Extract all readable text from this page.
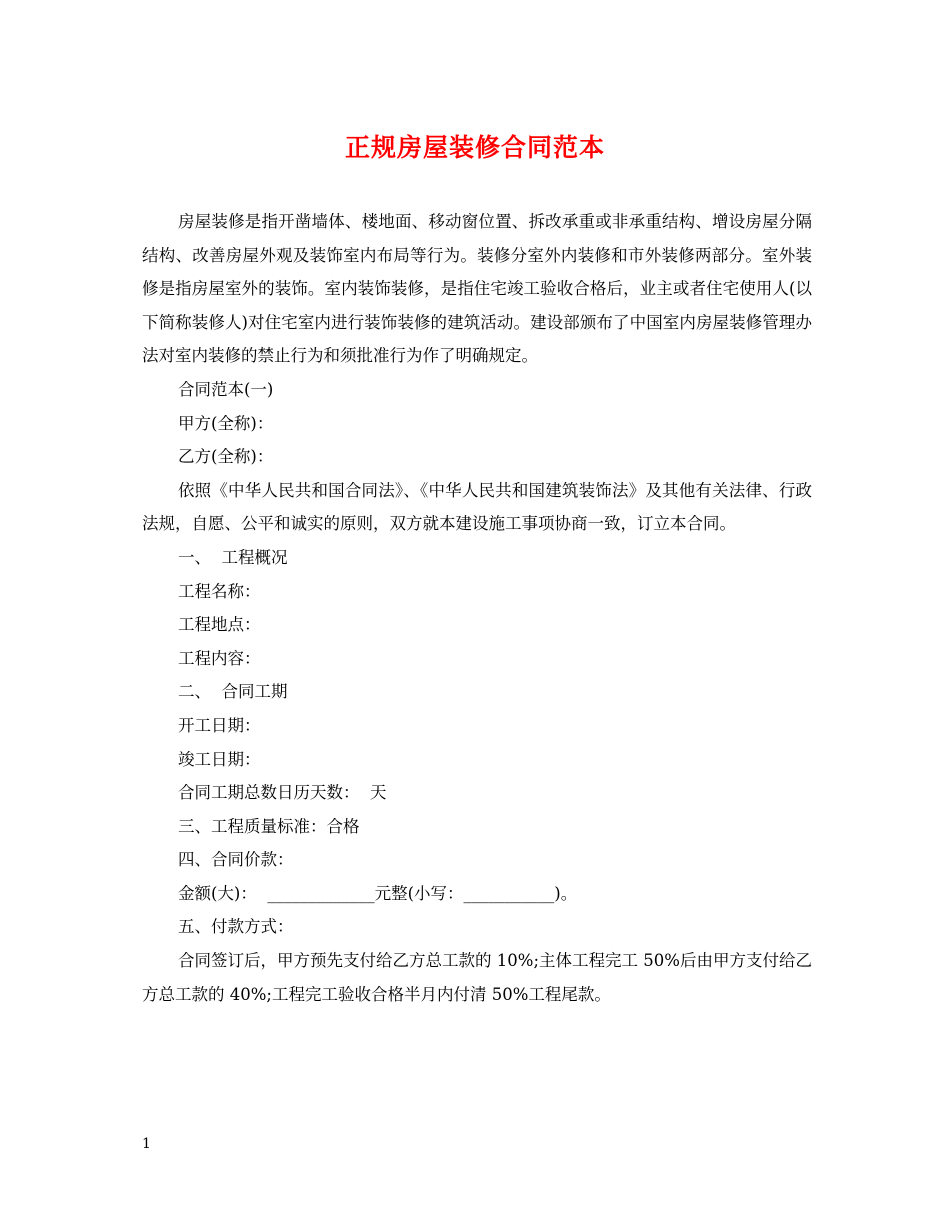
正规房屋装修合同范本

房屋装修是指开凿墙体、楼地面、移动窗位置、拆改承重或非承重结构、增设房屋分隔结构、改善房屋外观及装饰室内布局等行为。装修分室外内装修和市外装修两部分。室外装修是指房屋室外的装饰。室内装饰装修，是指住宅竣工验收合格后，业主或者住宅使用人(以下简称装修人)对住宅室内进行装饰装修的建筑活动。建设部颁布了中国室内房屋装修管理办法对室内装修的禁止行为和须批准行为作了明确规定。

合同范本(一)

甲方(全称)：

乙方(全称)：

依照《中华人民共和国合同法》、《中华人民共和国建筑装饰法》及其他有关法律、行政法规，自愿、公平和诚实的原则，双方就本建设施工事项协商一致，订立本合同。

一、  工程概况

工程名称：

工程地点：

工程内容：

二、  合同工期

开工日期：

竣工日期：

合同工期总数日历天数：  天

三、工程质量标准：合格

四、合同价款：

金额(大)：  _____________元整(小写：___________)。

五、付款方式：

合同签订后，甲方预先支付给乙方总工款的 10%;主体工程完工 50%后由甲方支付给乙方总工款的 40%;工程完工验收合格半月内付清 50%工程尾款。

1
